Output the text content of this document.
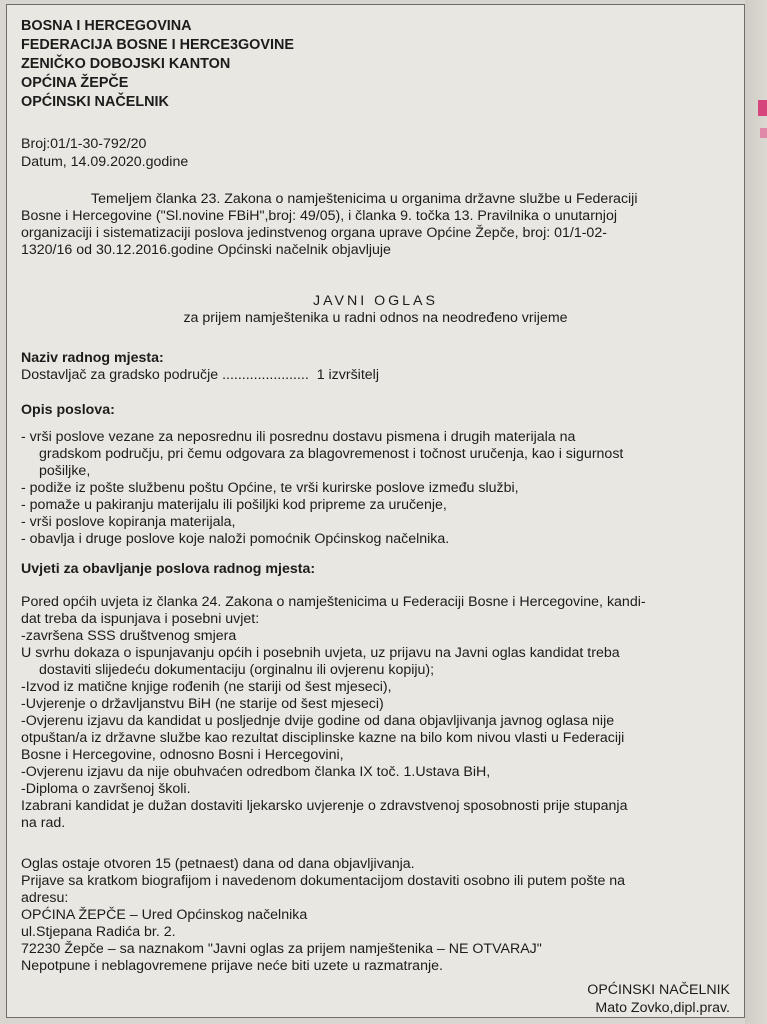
BOSNA I HERCEGOVINA
FEDERACIJA BOSNE I HERCE3GOVINE
ZENIČKO DOBOJSKI KANTON
OPĆINA ŽEPČE
OPĆINSKI NAČELNIK
Broj:01/1-30-792/20
Datum, 14.09.2020.godine
Temeljem članka 23. Zakona o namještenicima u organima državne službe u Federaciji
Bosne i Hercegovine ("Sl.novine FBiH",broj: 49/05), i članka 9. točka 13. Pravilnika o unutarnjoj
organizaciji i sistematizaciji poslova jedinstvenog organa uprave Općine Žepče, broj: 01/1-02-
1320/16 od 30.12.2016.godine Općinski načelnik objavljuje
JAVNI OGLAS
za prijem namještenika u radni odnos na neodređeno vrijeme
Naziv radnog mjesta:
Dostavljač za gradsko područje ......................  1 izvršitelj
Opis poslova:
- vrši poslove vezane za neposrednu ili posrednu dostavu pismena i drugih materijala na
gradskom području, pri čemu odgovara za blagovremenost i točnost uručenja, kao i sigurnost
pošiljke,
- podiže iz pošte službenu poštu Općine, te vrši kurirske poslove između službi,
- pomaže u pakiranju materijalu ili pošiljki kod pripreme za uručenje,
- vrši poslove kopiranja materijala,
- obavlja i druge poslove koje naloži pomoćnik Općinskog načelnika.
Uvjeti za obavljanje poslova radnog mjesta:
Pored općih uvjeta iz članka 24. Zakona o namještenicima u Federaciji Bosne i Hercegovine, kandi-
dat treba da ispunjava i posebni uvjet:
-završena SSS društvenog smjera
U svrhu dokaza o ispunjavanju općih i posebnih uvjeta, uz prijavu na Javni oglas kandidat treba
dostaviti slijedeću dokumentaciju (orginalnu ili ovjerenu kopiju);
-Izvod iz matične knjige rođenih (ne stariji od šest mjeseci),
-Uvjerenje o državljanstvu BiH (ne starije od šest mjeseci)
-Ovjerenu izjavu da kandidat u posljednje dvije godine od dana objavljivanja javnog oglasa nije
otpuštan/a iz državne službe kao rezultat disciplinske kazne na bilo kom nivou vlasti u Federaciji
Bosne i Hercegovine, odnosno Bosni i Hercegovini,
-Ovjerenu izjavu da nije obuhvaćen odredbom članka IX toč. 1.Ustava BiH,
-Diploma o završenoj školi.
Izabrani kandidat je dužan dostaviti ljekarsko uvjerenje o zdravstvenoj sposobnosti prije stupanja
na rad.
Oglas ostaje otvoren 15 (petnaest) dana od dana objavljivanja.
Prijave sa kratkom biografijom i navedenom dokumentacijom dostaviti osobno ili putem pošte na
adresu:
OPĆINA ŽEPČE – Ured Općinskog načelnika
ul.Stjepana Radića br. 2.
72230 Žepče – sa naznakom "Javni oglas za prijem namještenika – NE OTVARAJ"
Nepotpune i neblagovremene prijave neće biti uzete u razmatranje.
OPĆINSKI NAČELNIK
Mato Zovko,dipl.prav.
